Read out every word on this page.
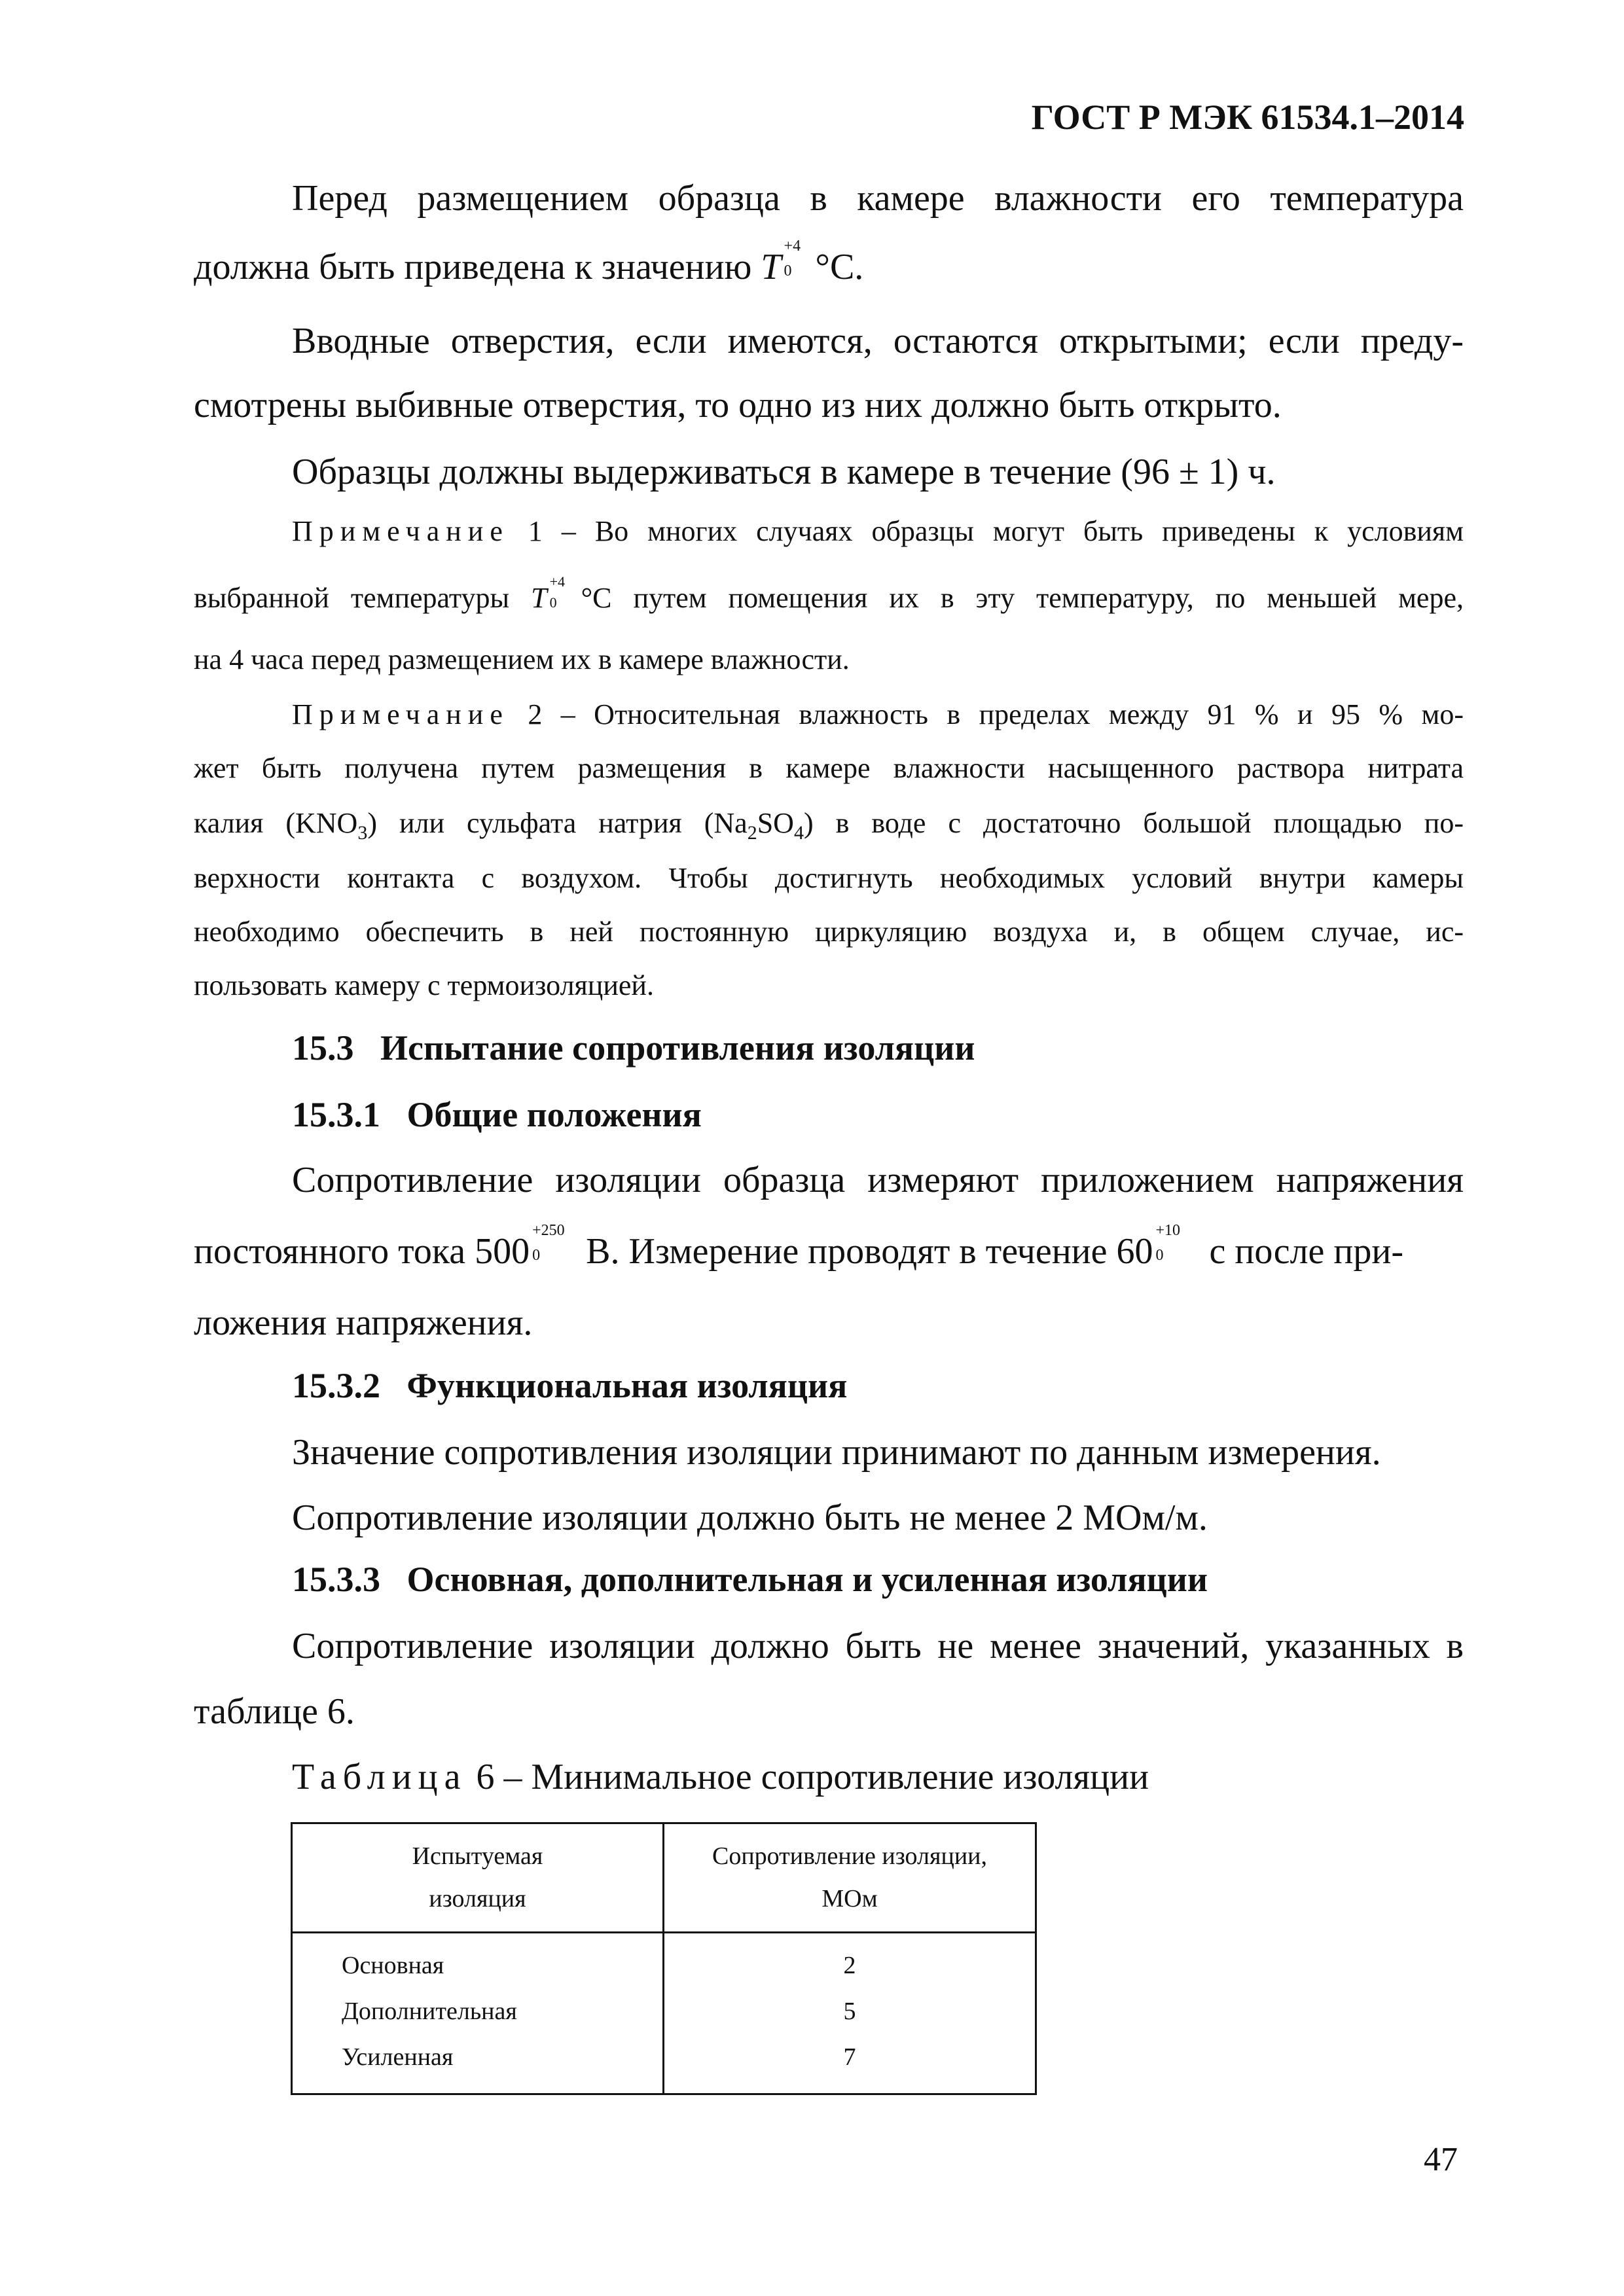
ГОСТ Р МЭК 61534.1–2014
Перед размещением образца в камере влажности его температура
должна быть приведена к значению T
+4
0 °C.
Вводные отверстия, если имеются, остаются открытыми; если преду-
смотрены выбивные отверстия, то одно из них должно быть открыто.
Образцы должны выдерживаться в камере в течение (96 ± 1) ч.
Примечание 1 – Во многих случаях образцы могут быть приведены к условиям
выбранной температуры T
+4
0 °C путем помещения их в эту температуру, по меньшей мере,
на 4 часа перед размещением их в камере влажности.
Примечание 2 – Относительная влажность в пределах между 91 % и 95 % мо-
жет быть получена путем размещения в камере влажности насыщенного раствора нитрата
калия $(KNO_3)$ или сульфата натрия $(Na_2SO_4)$ в воде с достаточно большой площадью по-
верхности контакта с воздухом. Чтобы достигнуть необходимых условий внутри камеры
необходимо обеспечить в ней постоянную циркуляцию воздуха и, в общем случае, ис-
пользовать камеру с термоизоляцией.
15.3 Испытание сопротивления изоляции
15.3.1 Общие положения
Сопротивление изоляции образца измеряют приложением напряжения
постоянного тока 500
+250
0 В. Измерение проводят в течение 60
+10
0 с после при-
ложения напряжения.
15.3.2 Функциональная изоляция
Значение сопротивления изоляции принимают по данным измерения.
Сопротивление изоляции должно быть не менее 2 МОм/м.
15.3.3 Основная, дополнительная и усиленная изоляции
Сопротивление изоляции должно быть не менее значений, указанных в
таблице 6.
Таблица 6 – Минимальное сопротивление изоляции
Испытуемая
изоляция	Сопротивление изоляции,
МОм
Основная	2
Дополнительная	5
Усиленная	7
47
